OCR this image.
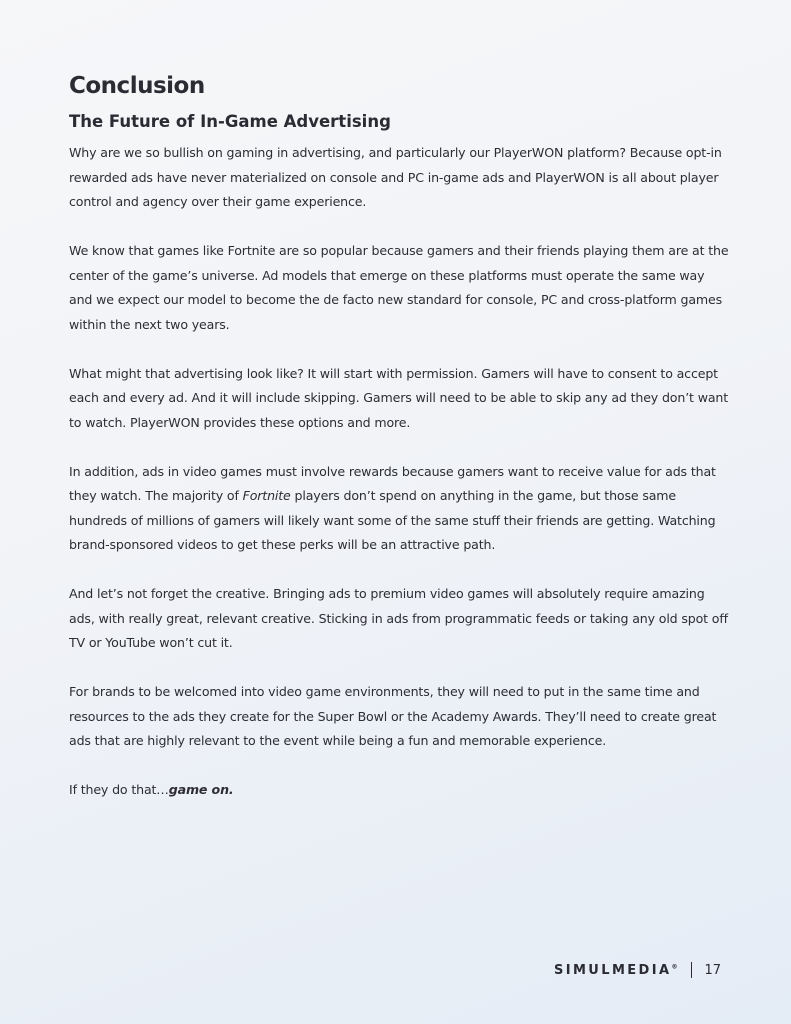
Conclusion
The Future of In-Game Advertising

Why are we so bullish on gaming in advertising, and particularly our PlayerWON platform? Because opt-in rewarded ads have never materialized on console and PC in-game ads and PlayerWON is all about player control and agency over their game experience.

We know that games like Fortnite are so popular because gamers and their friends playing them are at the center of the game’s universe. Ad models that emerge on these platforms must operate the same way and we expect our model to become the de facto new standard for console, PC and cross-platform games within the next two years.

What might that advertising look like? It will start with permission. Gamers will have to consent to accept each and every ad. And it will include skipping. Gamers will need to be able to skip any ad they don’t want to watch. PlayerWON provides these options and more.

In addition, ads in video games must involve rewards because gamers want to receive value for ads that they watch. The majority of Fortnite players don’t spend on anything in the game, but those same hundreds of millions of gamers will likely want some of the same stuff their friends are getting. Watching brand-sponsored videos to get these perks will be an attractive path.

And let’s not forget the creative. Bringing ads to premium video games will absolutely require amazing ads, with really great, relevant creative. Sticking in ads from programmatic feeds or taking any old spot off TV or YouTube won’t cut it.

For brands to be welcomed into video game environments, they will need to put in the same time and resources to the ads they create for the Super Bowl or the Academy Awards. They’ll need to create great ads that are highly relevant to the event while being a fun and memorable experience.

If they do that…game on.

SIMULMEDIA® 17
